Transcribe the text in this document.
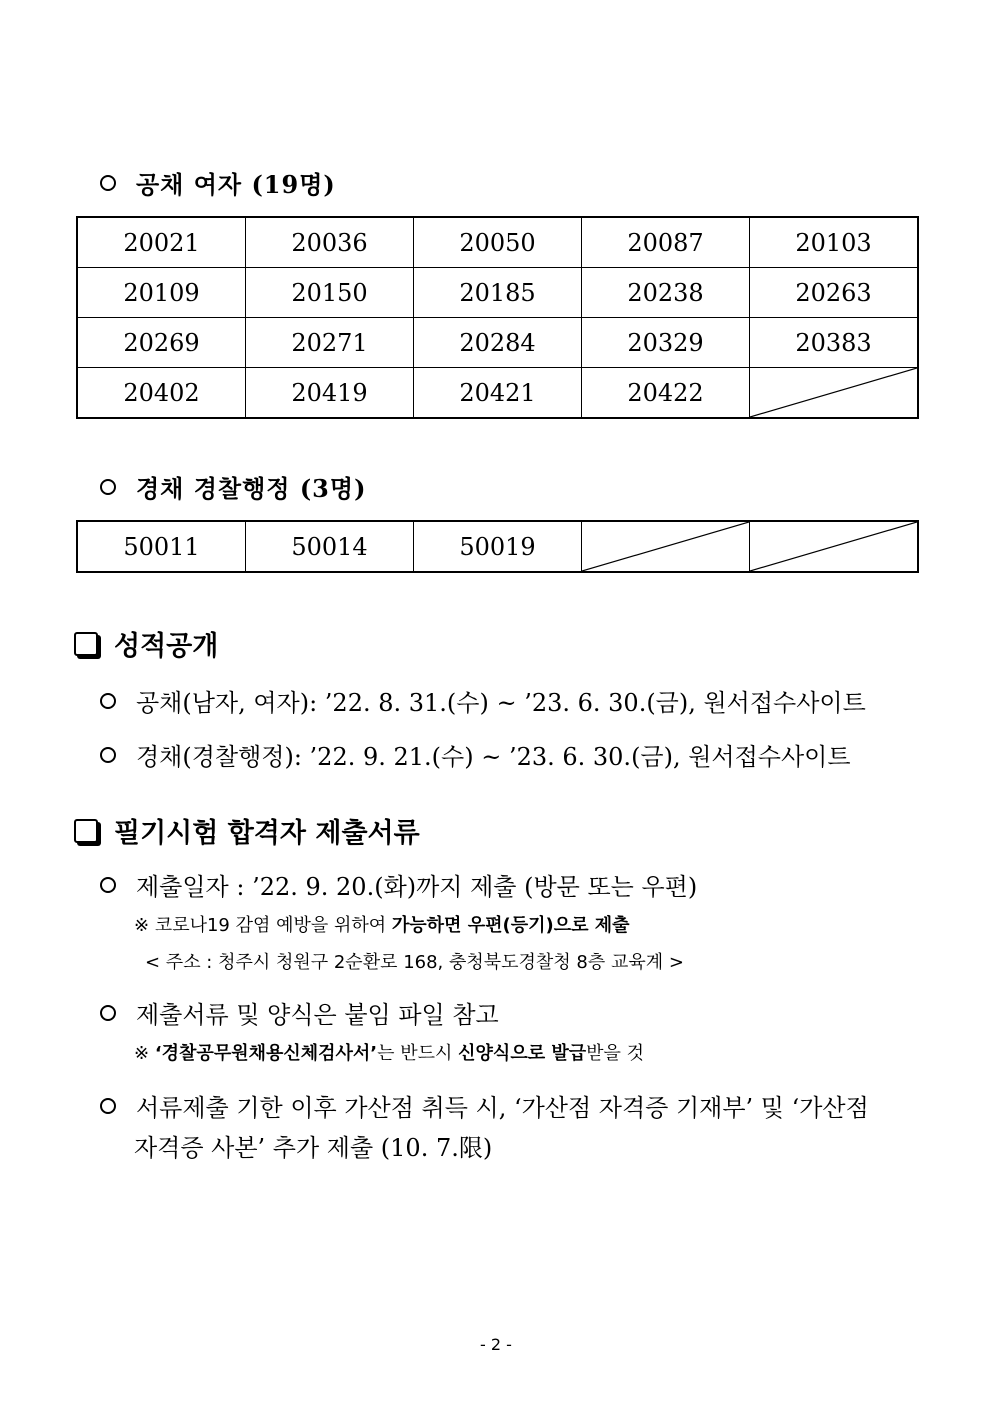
공채 여자
(19명)
20021	20036	20050	20087	20103
20109	20150	20185	20238	20263
20269	20271	20284	20329	20383
20402	20419	20421	20422	
경채 경찰행정
(3명)
50011	50014	50019	

성적공개
공채(남자, 여자): ’22. 8. 31.(수) ~ ’23. 6. 30.(금), 원서접수사이트
경채(경찰행정): ’22. 9. 21.(수) ~ ’23. 6. 30.(금), 원서접수사이트
필기시험 합격자 제출서류
제출일자 : ’22. 9. 20.(화)까지 제출 (방문 또는 우편)
※ 코로나19 감염 예방을 위하여 가능하면 우편(등기)으로 제출
< 주소 : 청주시 청원구 2순환로 168, 충청북도경찰청 8층 교육계 >
제출서류 및 양식은 붙임 파일 참고
※ ‘경찰공무원채용신체검사서’는 반드시 신양식으로 발급받을 것
서류제출 기한 이후 가산점 취득 시, ‘가산점 자격증 기재부’ 및 ‘가산점
자격증 사본’ 추가 제출 (10. 7.限)
- 2 -
